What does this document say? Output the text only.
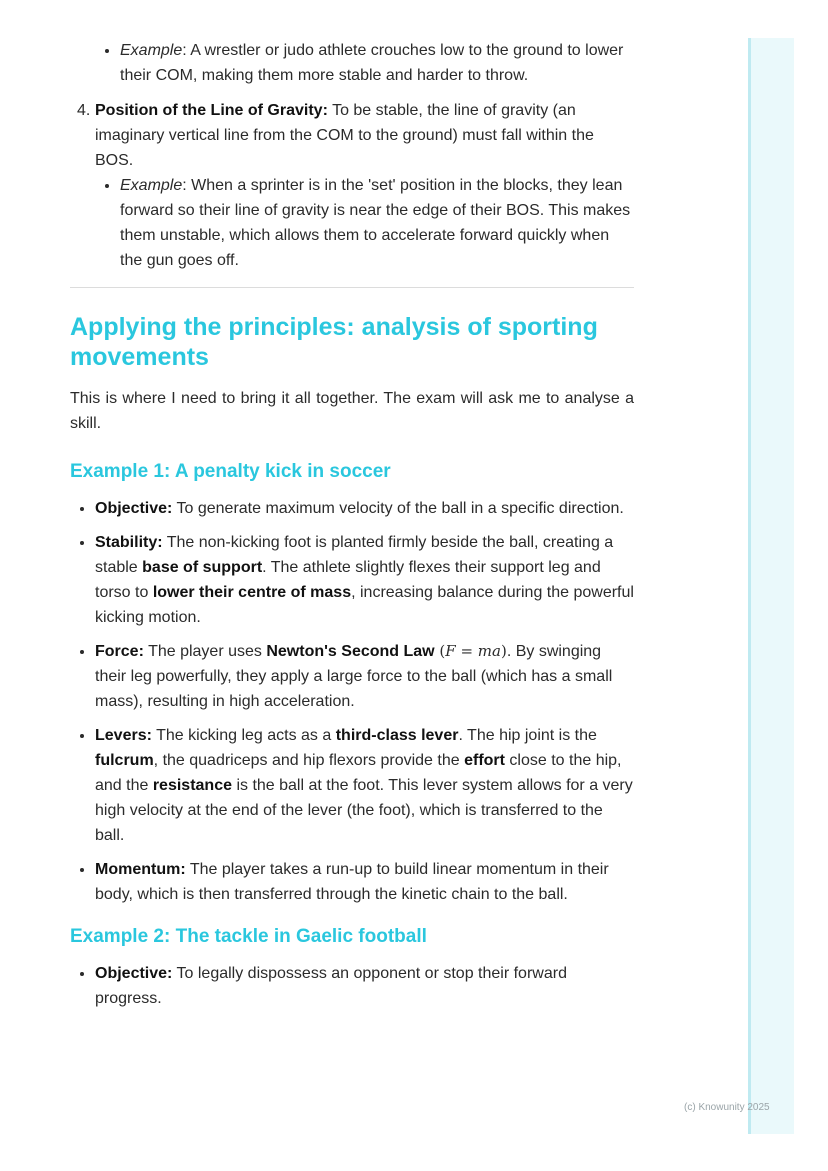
• Example: A wrestler or judo athlete crouches low to the ground to lower their COM, making them more stable and harder to throw.
4. Position of the Line of Gravity: To be stable, the line of gravity (an imaginary vertical line from the COM to the ground) must fall within the BOS.
• Example: When a sprinter is in the 'set' position in the blocks, they lean forward so their line of gravity is near the edge of their BOS. This makes them unstable, which allows them to accelerate forward quickly when the gun goes off.
Applying the principles: analysis of sporting movements

This is where I need to bring it all together. The exam will ask me to analyse a skill.

Example 1: A penalty kick in soccer
• Objective: To generate maximum velocity of the ball in a specific direction.
• Stability: The non-kicking foot is planted firmly beside the ball, creating a stable base of support. The athlete slightly flexes their support leg and torso to lower their centre of mass, increasing balance during the powerful kicking motion.
• Force: The player uses Newton's Second Law (F = ma). By swinging their leg powerfully, they apply a large force to the ball (which has a small mass), resulting in high acceleration.
• Levers: The kicking leg acts as a third-class lever. The hip joint is the fulcrum, the quadriceps and hip flexors provide the effort close to the hip, and the resistance is the ball at the foot. This lever system allows for a very high velocity at the end of the lever (the foot), which is transferred to the ball.
• Momentum: The player takes a run-up to build linear momentum in their body, which is then transferred through the kinetic chain to the ball.
Example 2: The tackle in Gaelic football
• Objective: To legally dispossess an opponent or stop their forward progress.
(c) Knowunity 2025
